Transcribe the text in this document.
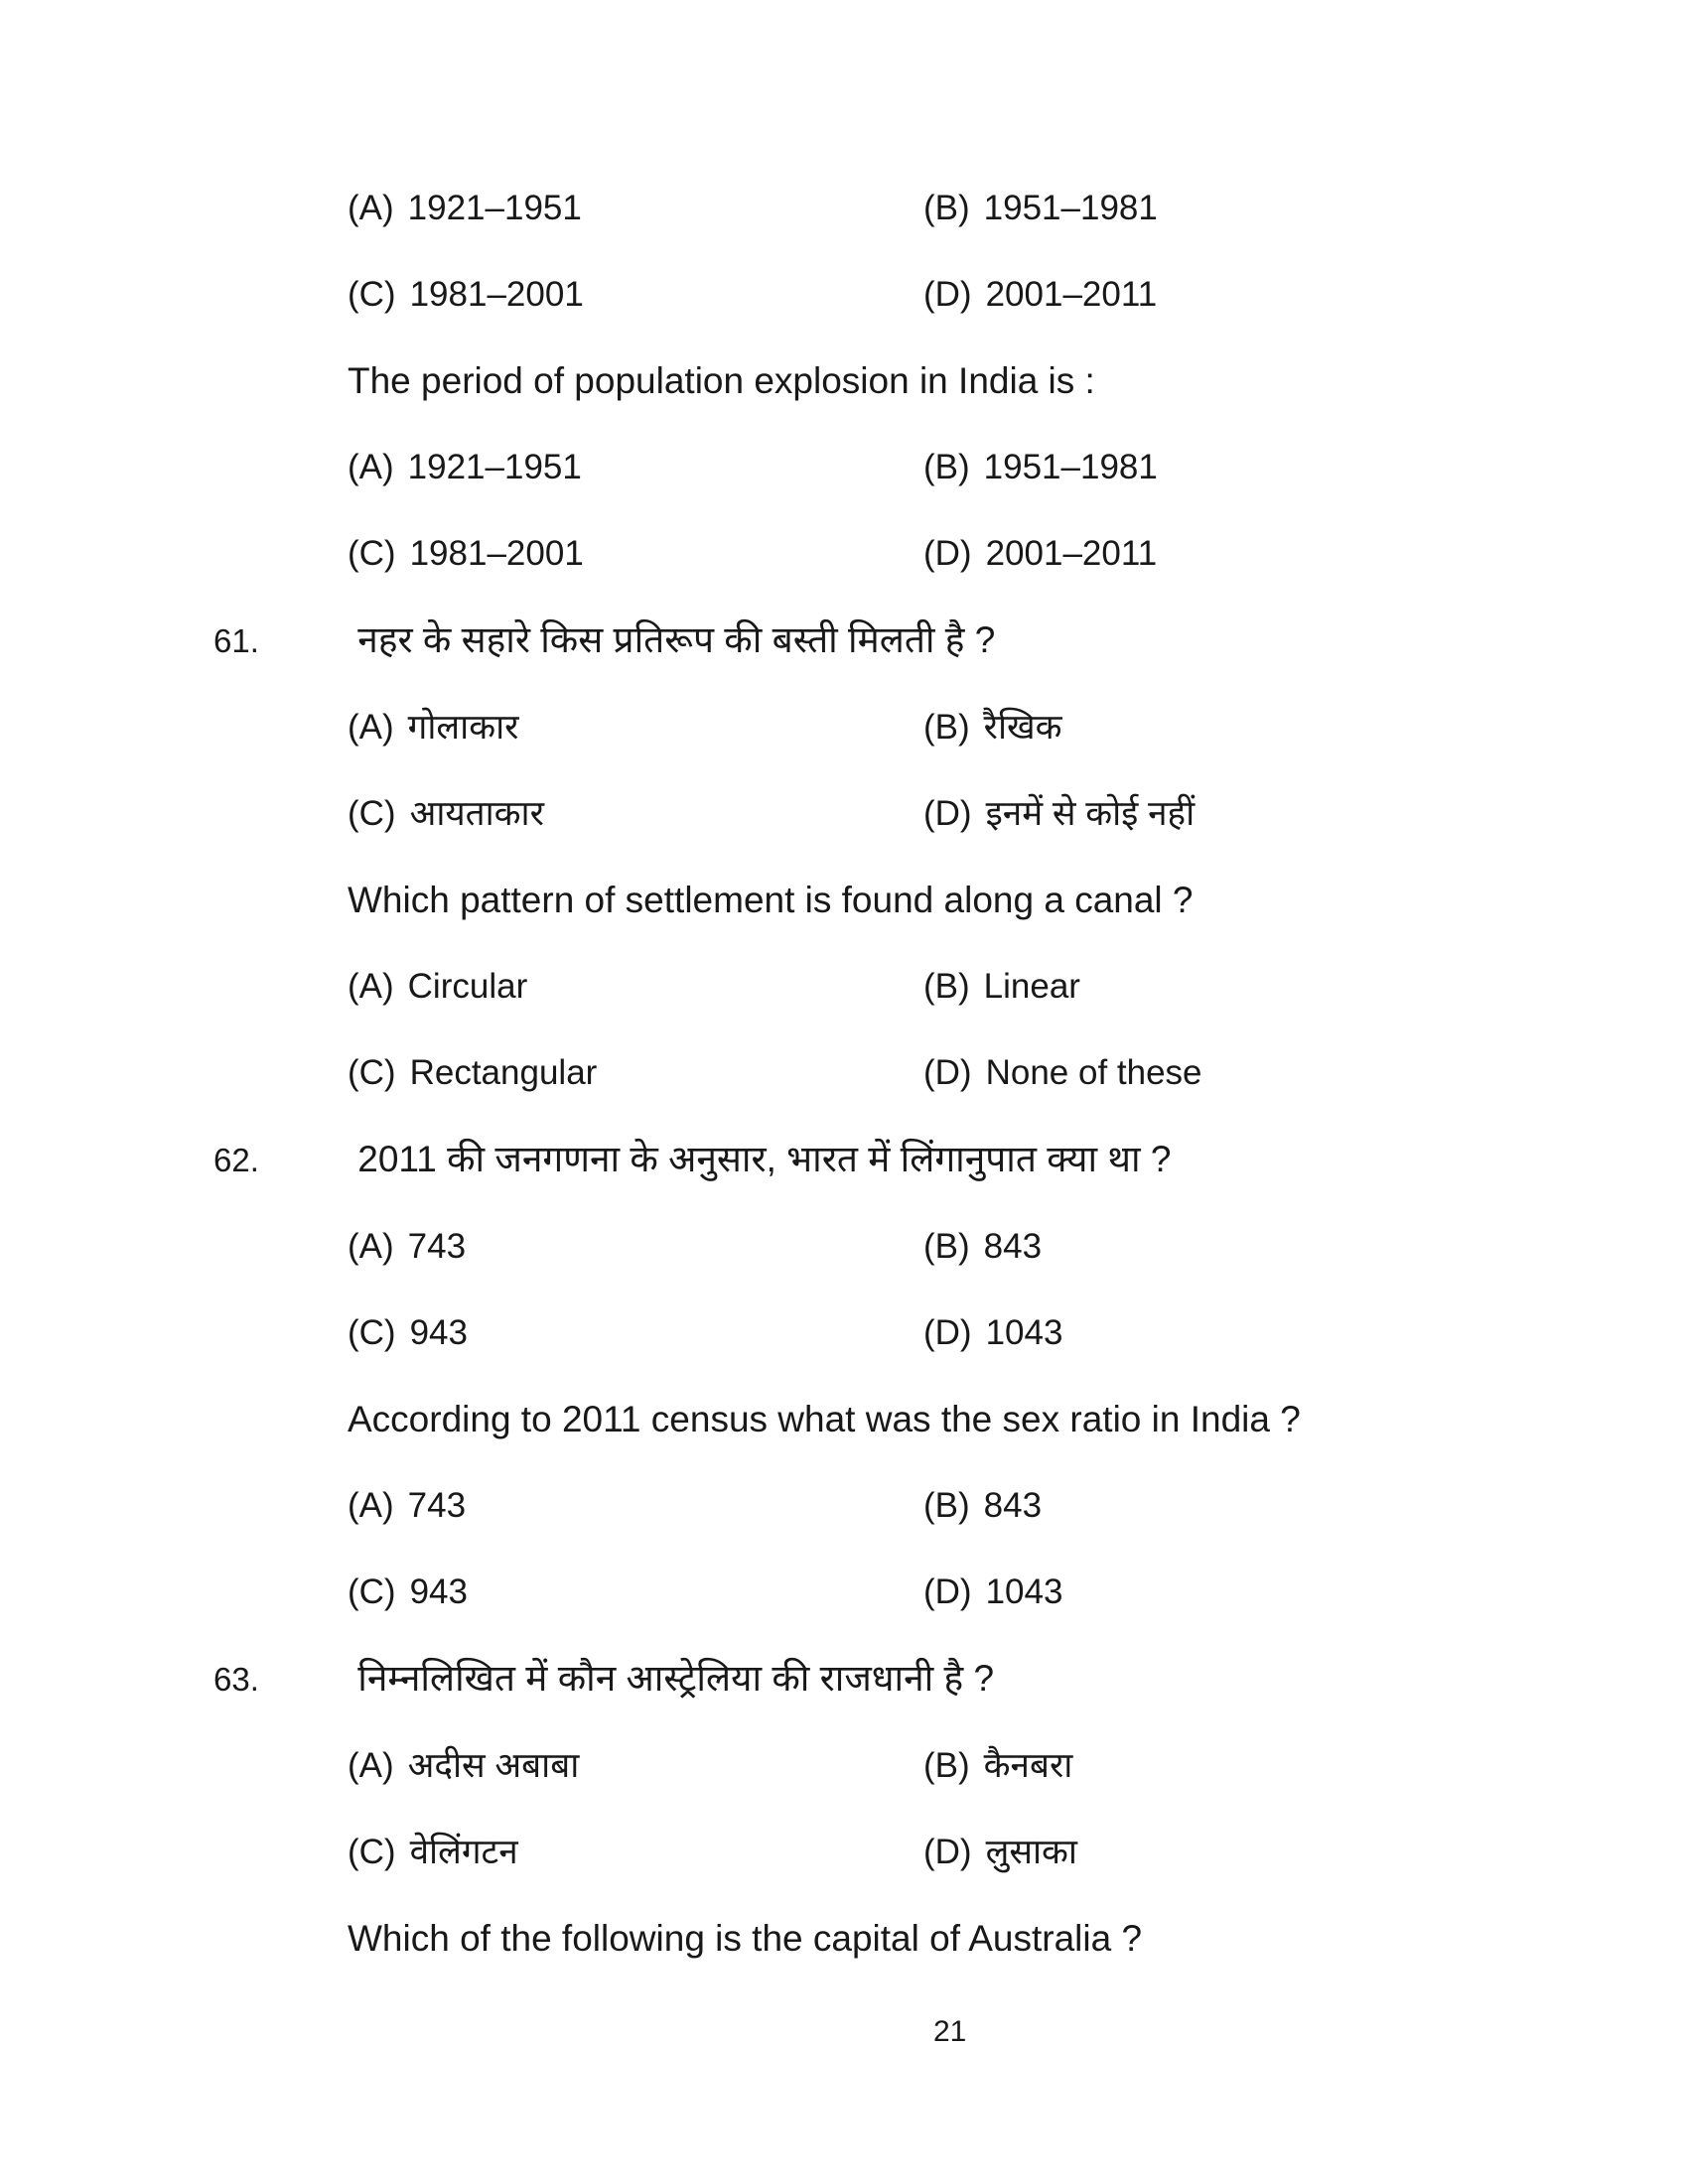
(A) 1921–1951	(B) 1951–1981
(C) 1981–2001	(D) 2001–2011
The period of population explosion in India is :
(A) 1921–1951	(B) 1951–1981
(C) 1981–2001	(D) 2001–2011
61.	नहर के सहारे किस प्रतिरूप की बस्ती मिलती है ?
(A) गोलाकार	(B) रैखिक
(C) आयताकार	(D) इनमें से कोई नहीं
Which pattern of settlement is found along a canal ?
(A) Circular	(B) Linear
(C) Rectangular	(D) None of these
62.	2011 की जनगणना के अनुसार, भारत में लिंगानुपात क्या था ?
(A) 743	(B) 843
(C) 943	(D) 1043
According to 2011 census what was the sex ratio in India ?
(A) 743	(B) 843
(C) 943	(D) 1043
63.	निम्नलिखित में कौन आस्ट्रेलिया की राजधानी है ?
(A) अदीस अबाबा	(B) कैनबरा
(C) वेलिंगटन	(D) लुसाका
Which of the following is the capital of Australia ?
21
